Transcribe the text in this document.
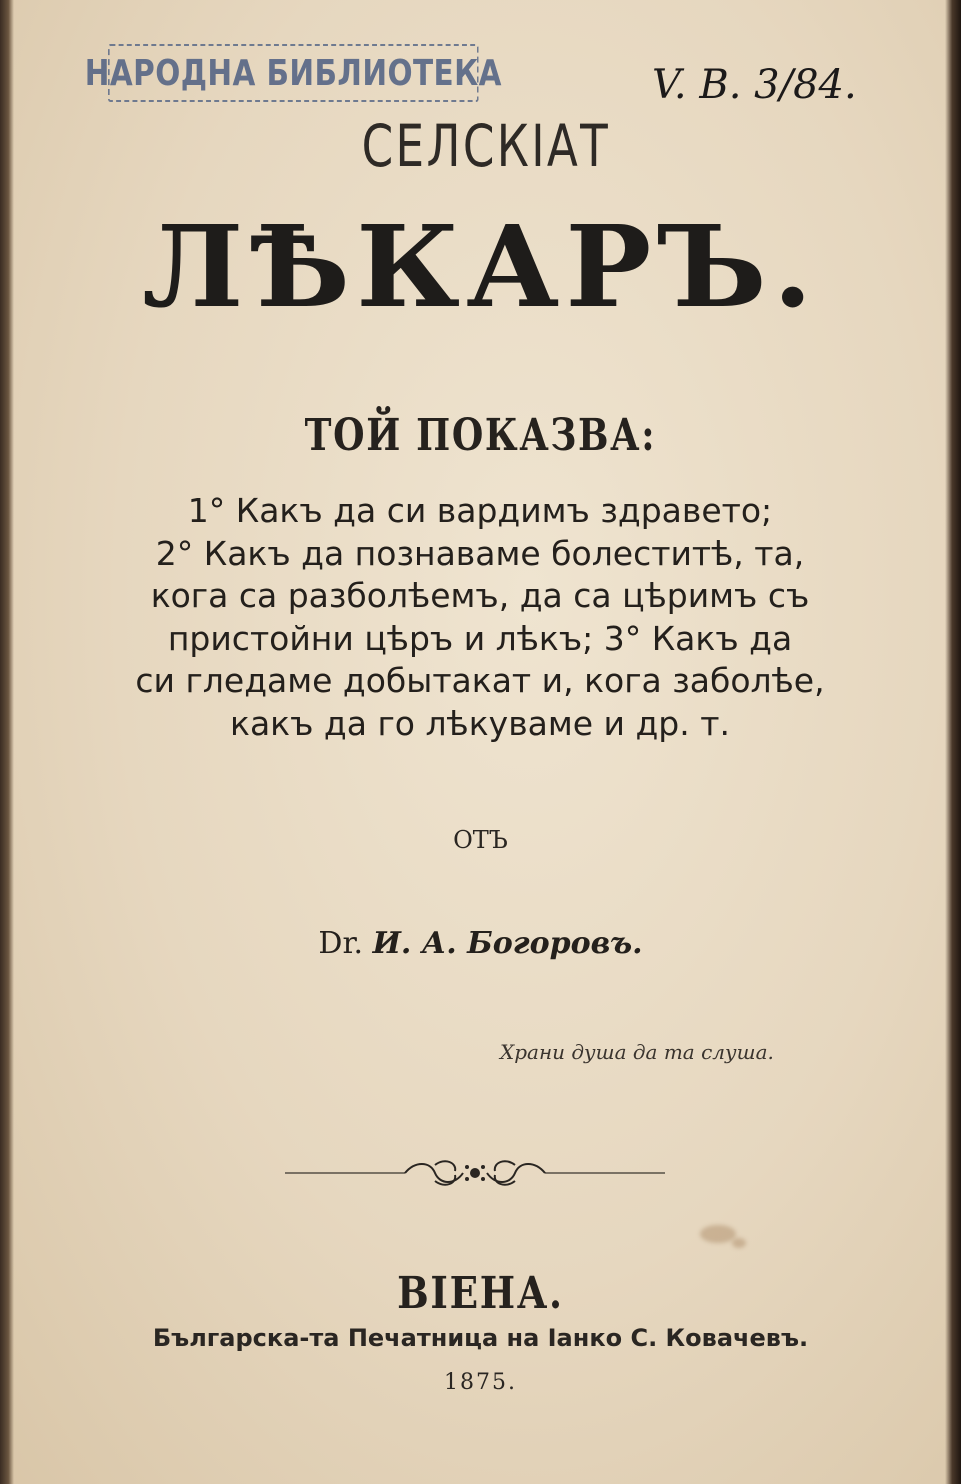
НАРОДНА БИБЛИОТЕКА	V. B. 3/84.
СЕЛСКІАТ
ЛѢКАРЪ.
ТОЙ ПОКАЗВА:
1° Какъ да си вардимъ здравето;
2° Какъ да познаваме болеститѣ, та,
кога са разболѣемъ, да са цѣримъ съ
пристойни цѣръ и лѣкъ; 3° Какъ да
си гледаме добытакат и, кога заболѣе,
какъ да го лѣкуваме и др. т.
ОТЪ
Dr. И. А. Богоровъ.
Храни душа да та слуша.
ВІЕНА.
Българска-та Печатница на Іанко С. Ковачевъ.
1875.
